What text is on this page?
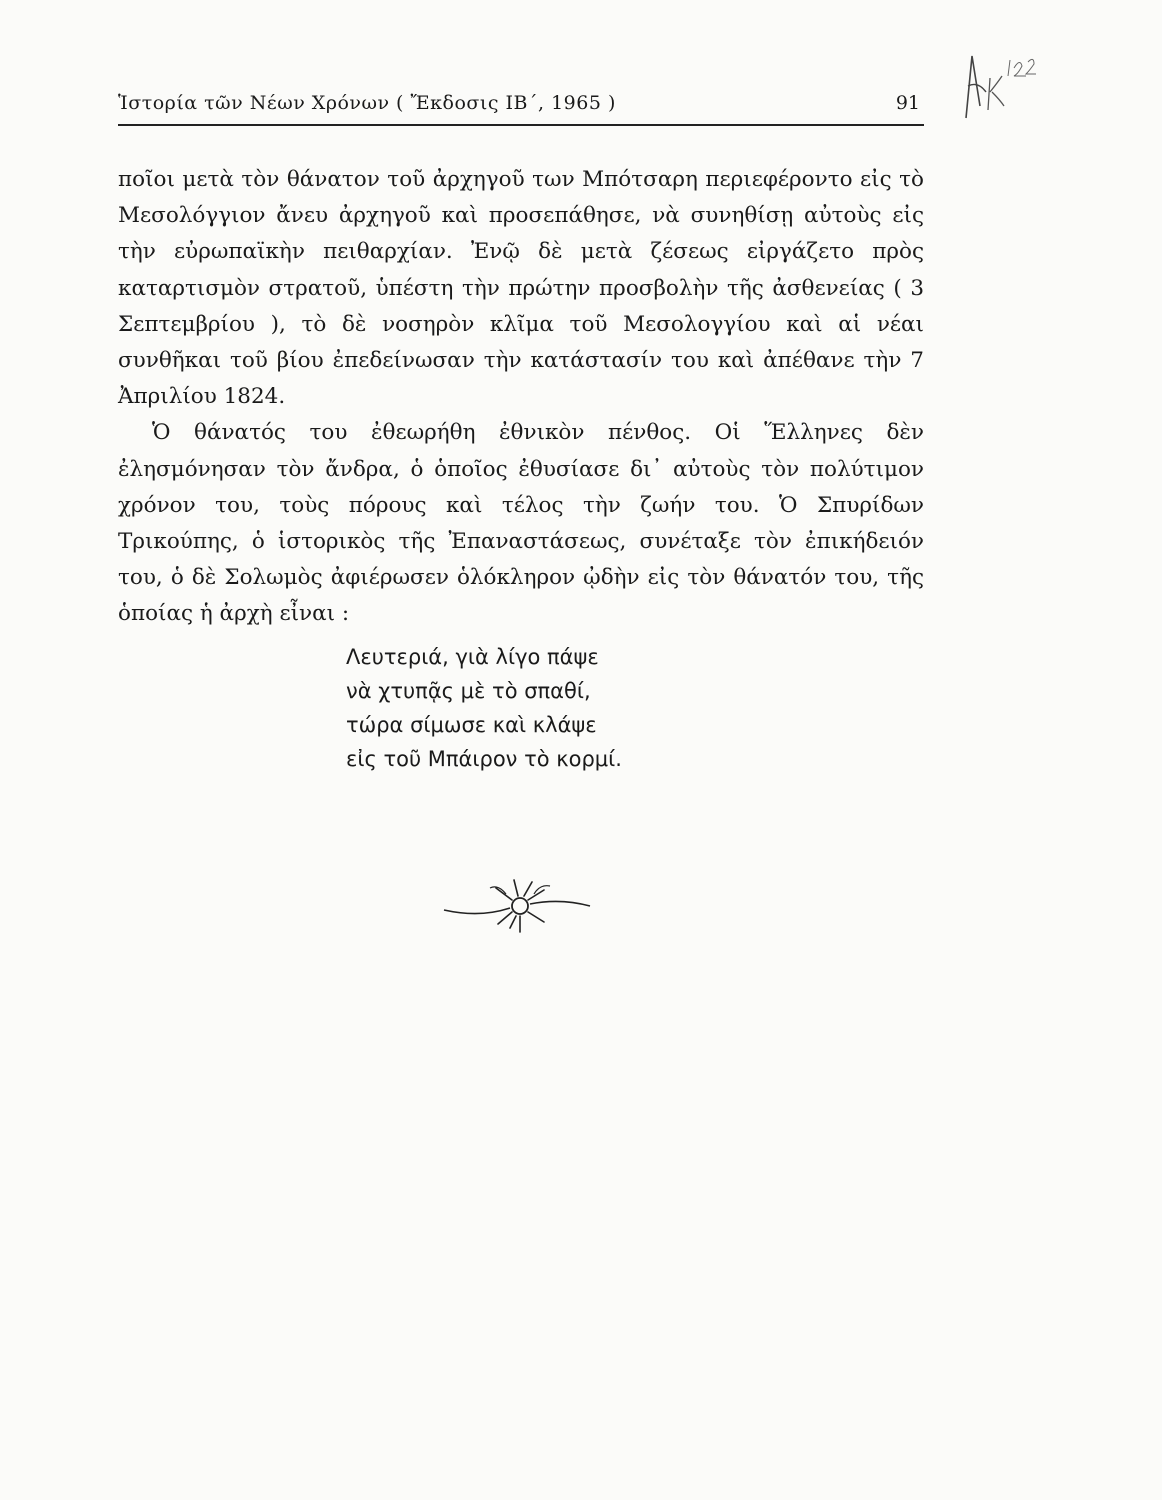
Ἱστορία τῶν Νέων Χρόνων ( Ἔκδοσις ΙΒ΄, 1965 )	91

ποῖοι μετὰ τὸν θάνατον τοῦ ἀρχηγοῦ των Μπότσαρη περιεφέροντο εἰς τὸ Μεσολόγγιον ἄνευ ἀρχηγοῦ καὶ προσεπάθησε, νὰ συνηθίσῃ αὐτοὺς εἰς τὴν εὐρωπαϊκὴν πειθαρχίαν. Ἐνῷ δὲ μετὰ ζέσεως εἰργάζετο πρὸς καταρτισμὸν στρατοῦ, ὑπέστη τὴν πρώτην προσβολὴν τῆς ἀσθενείας ( 3 Σεπτεμβρίου ), τὸ δὲ νοσηρὸν κλῖμα τοῦ Μεσολογγίου καὶ αἱ νέαι συνθῆκαι τοῦ βίου ἐπεδείνωσαν τὴν κατάστασίν του καὶ ἀπέθανε τὴν 7 Ἀπριλίου 1824.

Ὁ θάνατός του ἐθεωρήθη ἐθνικὸν πένθος. Οἱ Ἕλληνες δὲν ἐλησμόνησαν τὸν ἄνδρα, ὁ ὁποῖος ἐθυσίασε δι᾽ αὐτοὺς τὸν πολύτιμον χρόνον του, τοὺς πόρους καὶ τέλος τὴν ζωήν του. Ὁ Σπυρίδων Τρικούπης, ὁ ἱστορικὸς τῆς Ἐπαναστάσεως, συνέταξε τὸν ἐπικήδειόν του, ὁ δὲ Σολωμὸς ἀφιέρωσεν ὁλόκληρον ᾠδὴν εἰς τὸν θάνατόν του, τῆς ὁποίας ἡ ἀρχὴ εἶναι :

Λευτεριά, γιὰ λίγο πάψε
νὰ χτυπᾷς μὲ τὸ σπαθί,
τώρα σίμωσε καὶ κλάψε
εἰς τοῦ Μπάιρον τὸ κορμί.
